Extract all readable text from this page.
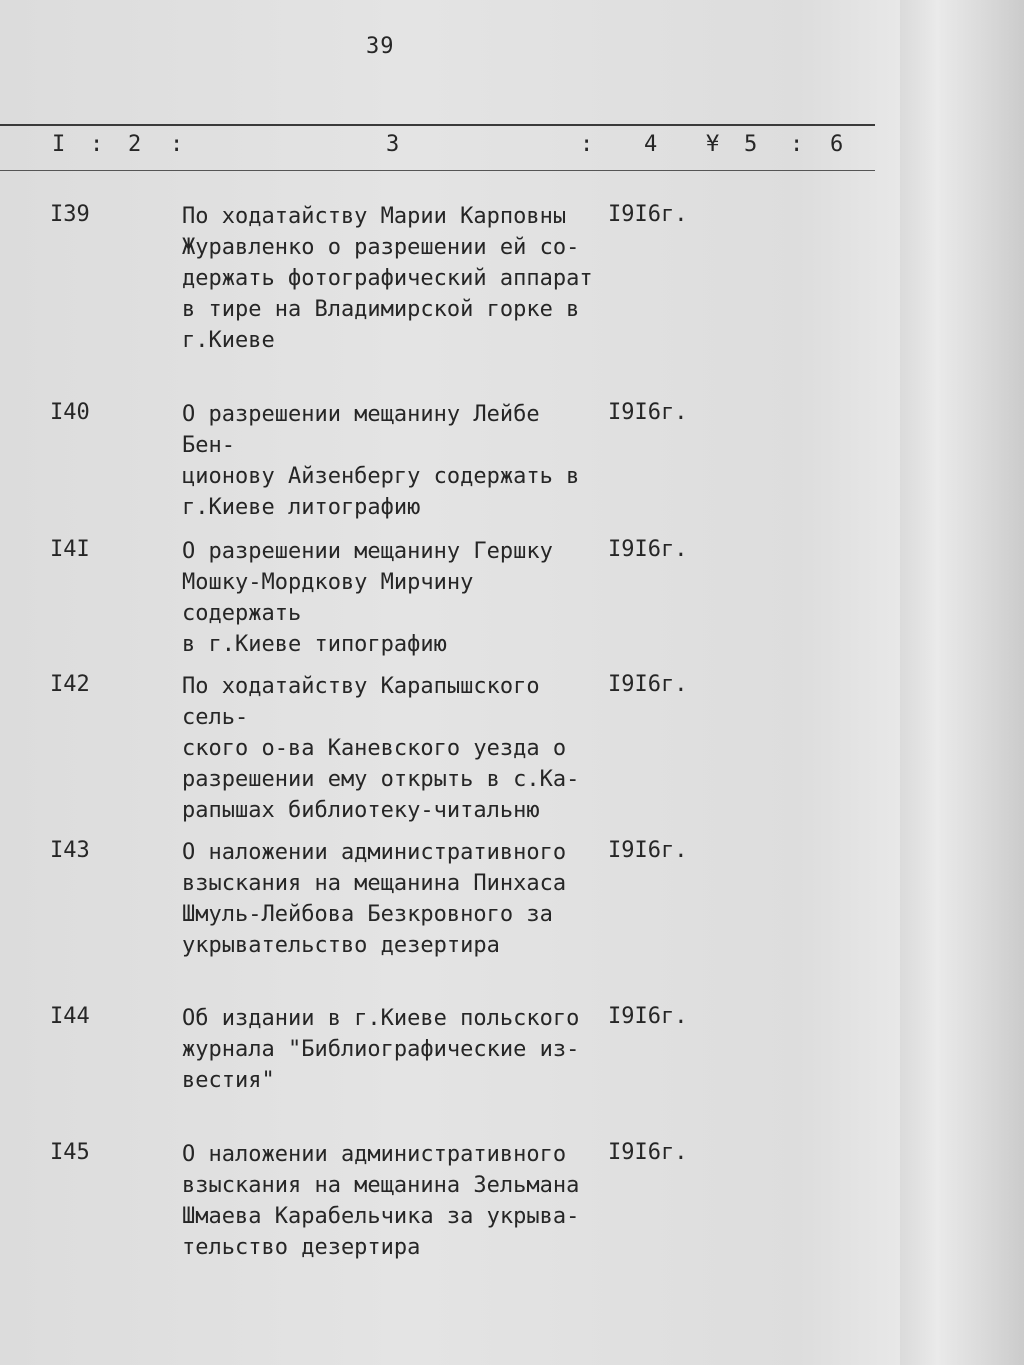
39
I : 2 :	3	: 4 ¥ 5 : 6
I39	По ходатайству Марии Карповны
Журавленко о разрешении ей со-
держать фотографический аппарат
в тире на Владимирской горке в
г.Киеве
I9I6г.
I40	О разрешении мещанину Лейбе Бен-
ционову Айзенбергу содержать в
г.Киеве литографию
I9I6г.
I4I	О разрешении мещанину Гершку
Мошку-Мордкову Мирчину содержать
в г.Киеве типографию
I9I6г.
I42	По ходатайству Карапышского сель-
ского о-ва Каневского уезда о
разрешении ему открыть в с.Ка-
рапышах библиотеку-читальню
I9I6г.
I43	О наложении административного
взыскания на мещанина Пинхаса
Шмуль-Лейбова Безкровного за
укрывательство дезертира
I9I6г.
I44	Об издании в г.Киеве польского
журнала "Библиографические из-
вестия"
I9I6г.
I45	О наложении административного
взыскания на мещанина Зельмана
Шмаева Карабельчика за укрыва-
тельство дезертира
I9I6г.
